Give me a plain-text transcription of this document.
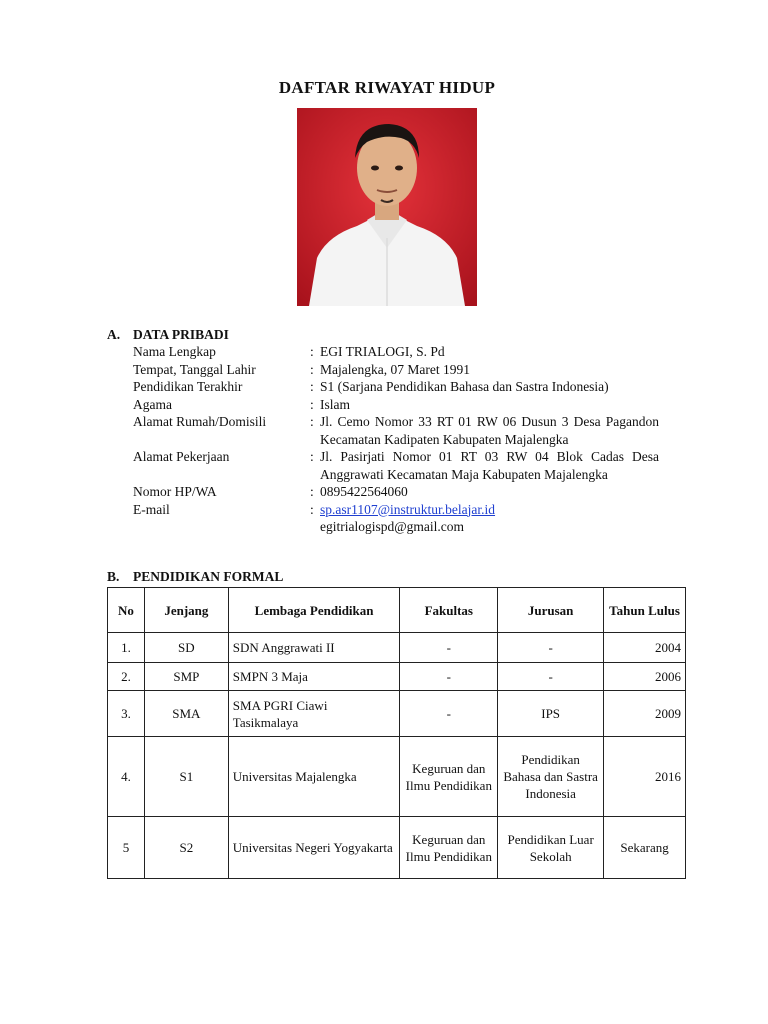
DAFTAR RIWAYAT HIDUP
A. DATA PRIBADI
Nama Lengkap	: EGI TRIALOGI, S. Pd
Tempat, Tanggal Lahir	: Majalengka, 07 Maret 1991
Pendidikan Terakhir	: S1 (Sarjana Pendidikan Bahasa dan Sastra Indonesia)
Agama	: Islam
Alamat Rumah/Domisili	: Jl. Cemo Nomor 33 RT 01 RW 06 Dusun 3 Desa Pagandon Kecamatan Kadipaten Kabupaten Majalengka
Alamat Pekerjaan	: Jl. Pasirjati Nomor 01 RT 03 RW 04 Blok Cadas Desa Anggrawati Kecamatan Maja Kabupaten Majalengka
Nomor HP/WA	: 0895422564060
E-mail	: sp.asr1107@instruktur.belajar.id
egitrialogispd@gmail.com
B. PENDIDIKAN FORMAL
No	Jenjang	Lembaga Pendidikan	Fakultas	Jurusan	Tahun Lulus
1.	SD	SDN Anggrawati II	-	-	2004
2.	SMP	SMPN 3 Maja	-	-	2006
3.	SMA	SMA PGRI Ciawi Tasikmalaya	-	IPS	2009
4.	S1	Universitas Majalengka	Keguruan dan Ilmu Pendidikan	Pendidikan Bahasa dan Sastra Indonesia	2016
5	S2	Universitas Negeri Yogyakarta	Keguruan dan Ilmu Pendidikan	Pendidikan Luar Sekolah	Sekarang
